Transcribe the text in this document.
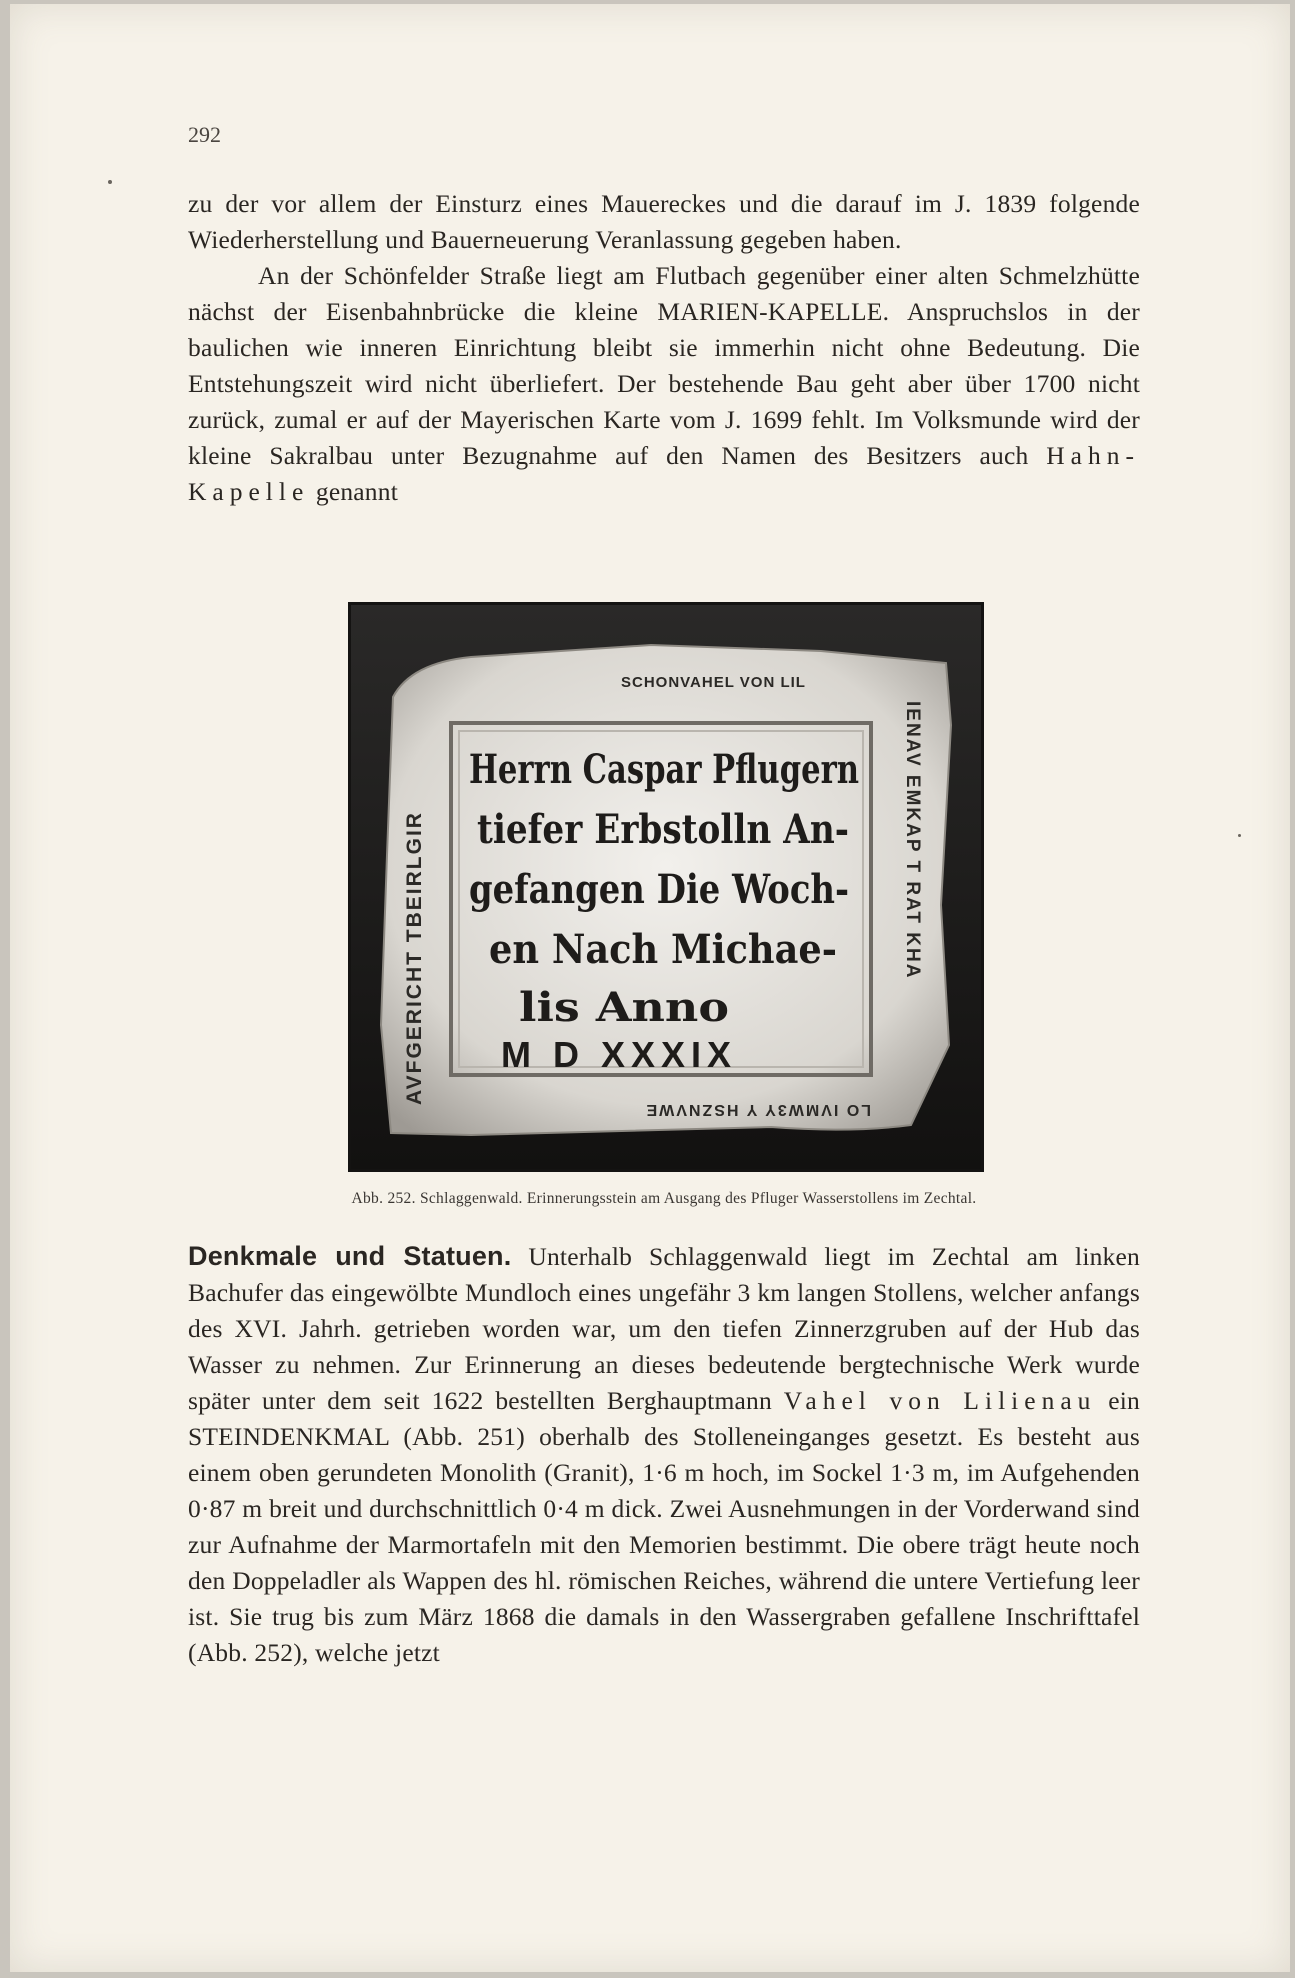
292

zu der vor allem der Einsturz eines Mauereckes und die darauf im J. 1839 folgende Wiederherstellung und Bauerneuerung Veranlassung gegeben haben.

An der Schönfelder Straße liegt am Flutbach gegenüber einer alten Schmelzhütte nächst der Eisenbahnbrücke die kleine MARIEN-KAPELLE. Anspruchslos in der baulichen wie inneren Einrichtung bleibt sie immerhin nicht ohne Bedeutung. Die Entstehungszeit wird nicht überliefert. Der bestehende Bau geht aber über 1700 nicht zurück, zumal er auf der Mayerischen Karte vom J. 1699 fehlt. Im Volksmunde wird der kleine Sakralbau unter Bezugnahme auf den Namen des Besitzers auch Hahn-Kapelle genannt

SCHONVAHEL VON LIL
AVFGERICHT TBEIRLGIR	IENAV EMKAP T RAT KHA
LO IVMW3Y Y HSZNVWE
Herrn Caspar Pflugern
tiefer Erbstolln An-
gefangen Die Woch-
en Nach Michae-
lis Anno
M D XXXIX
Abb. 252. Schlaggenwald. Erinnerungsstein am Ausgang des Pfluger Wasserstollens im Zechtal.

Denkmale und Statuen. Unterhalb Schlaggenwald liegt im Zechtal am linken Bachufer das eingewölbte Mundloch eines ungefähr 3 km langen Stollens, welcher anfangs des XVI. Jahrh. getrieben worden war, um den tiefen Zinnerzgruben auf der Hub das Wasser zu nehmen. Zur Erinnerung an dieses bedeutende bergtechnische Werk wurde später unter dem seit 1622 bestellten Berghauptmann Vahel von Lilienau ein STEINDENKMAL (Abb. 251) oberhalb des Stolleneinganges gesetzt. Es besteht aus einem oben gerundeten Monolith (Granit), 1·6 m hoch, im Sockel 1·3 m, im Aufgehenden 0·87 m breit und durchschnittlich 0·4 m dick. Zwei Ausnehmungen in der Vorderwand sind zur Aufnahme der Marmortafeln mit den Memorien bestimmt. Die obere trägt heute noch den Doppeladler als Wappen des hl. römischen Reiches, während die untere Vertiefung leer ist. Sie trug bis zum März 1868 die damals in den Wassergraben gefallene Inschrifttafel (Abb. 252), welche jetzt
